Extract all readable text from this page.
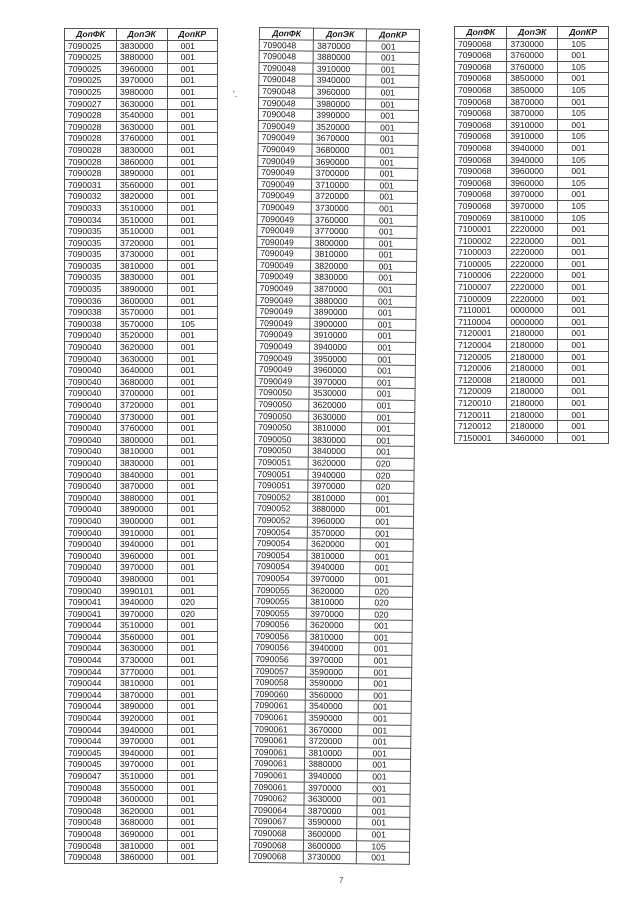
ДопФК	ДопЭК	ДопКР
7090025	3830000	001
7090025	3880000	001
7090025	3960000	001
7090025	3970000	001
7090025	3980000	001
7090027	3630000	001
7090028	3540000	001
7090028	3630000	001
7090028	3760000	001
7090028	3830000	001
7090028	3860000	001
7090028	3890000	001
7090031	3560000	001
7090032	3820000	001
7090033	3510000	001
7090034	3510000	001
7090035	3510000	001
7090035	3720000	001
7090035	3730000	001
7090035	3810000	001
7090035	3830000	001
7090035	3890000	001
7090036	3600000	001
7090038	3570000	001
7090038	3570000	105
7090040	3520000	001
7090040	3620000	001
7090040	3630000	001
7090040	3640000	001
7090040	3680000	001
7090040	3700000	001
7090040	3720000	001
7090040	3730000	001
7090040	3760000	001
7090040	3800000	001
7090040	3810000	001
7090040	3830000	001
7090040	3840000	001
7090040	3870000	001
7090040	3880000	001
7090040	3890000	001
7090040	3900000	001
7090040	3910000	001
7090040	3940000	001
7090040	3960000	001
7090040	3970000	001
7090040	3980000	001
7090040	3990101	001
7090041	3940000	020
7090041	3970000	020
7090044	3510000	001
7090044	3560000	001
7090044	3630000	001
7090044	3730000	001
7090044	3770000	001
7090044	3810000	001
7090044	3870000	001
7090044	3890000	001
7090044	3920000	001
7090044	3940000	001
7090044	3970000	001
7090045	3940000	001
7090045	3970000	001
7090047	3510000	001
7090048	3550000	001
7090048	3600000	001
7090048	3620000	001
7090048	3680000	001
7090048	3690000	001
7090048	3810000	001
7090048	3860000	001
ДопФК	ДопЭК	ДопКР
7090048	3870000	001
7090048	3880000	001
7090048	3910000	001
7090048	3940000	001
7090048	3960000	001
7090048	3980000	001
7090048	3990000	001
7090049	3520000	001
7090049	3670000	001
7090049	3680000	001
7090049	3690000	001
7090049	3700000	001
7090049	3710000	001
7090049	3720000	001
7090049	3730000	001
7090049	3760000	001
7090049	3770000	001
7090049	3800000	001
7090049	3810000	001
7090049	3820000	001
7090049	3830000	001
7090049	3870000	001
7090049	3880000	001
7090049	3890000	001
7090049	3900000	001
7090049	3910000	001
7090049	3940000	001
7090049	3950000	001
7090049	3960000	001
7090049	3970000	001
7090050	3530000	001
7090050	3620000	001
7090050	3630000	001
7090050	3810000	001
7090050	3830000	001
7090050	3840000	001
7090051	3620000	020
7090051	3940000	020
7090051	3970000	020
7090052	3810000	001
7090052	3880000	001
7090052	3960000	001
7090054	3570000	001
7090054	3620000	001
7090054	3810000	001
7090054	3940000	001
7090054	3970000	001
7090055	3620000	020
7090055	3810000	020
7090055	3970000	020
7090056	3620000	001
7090056	3810000	001
7090056	3940000	001
7090056	3970000	001
7090057	3590000	001
7090058	3590000	001
7090060	3560000	001
7090061	3540000	001
7090061	3590000	001
7090061	3670000	001
7090061	3720000	001
7090061	3810000	001
7090061	3880000	001
7090061	3940000	001
7090061	3970000	001
7090062	3630000	001
7090064	3870000	001
7090067	3590000	001
7090068	3600000	001
7090068	3600000	105
7090068	3730000	001
ДопФК	ДопЭК	ДопКР
7090068	3730000	105
7090068	3760000	001
7090068	3760000	105
7090068	3850000	001
7090068	3850000	105
7090068	3870000	001
7090068	3870000	105
7090068	3910000	001
7090068	3910000	105
7090068	3940000	001
7090068	3940000	105
7090068	3960000	001
7090068	3960000	105
7090068	3970000	001
7090068	3970000	105
7090069	3810000	105
7100001	2220000	001
7100002	2220000	001
7100003	2220000	001
7100005	2220000	001
7100006	2220000	001
7100007	2220000	001
7100009	2220000	001
7110001	0000000	001
7110004	0000000	001
7120001	2180000	001
7120004	2180000	001
7120005	2180000	001
7120006	2180000	001
7120008	2180000	001
7120009	2180000	001
7120010	2180000	001
7120011	2180000	001
7120012	2180000	001
7150001	3460000	001
'.
7
